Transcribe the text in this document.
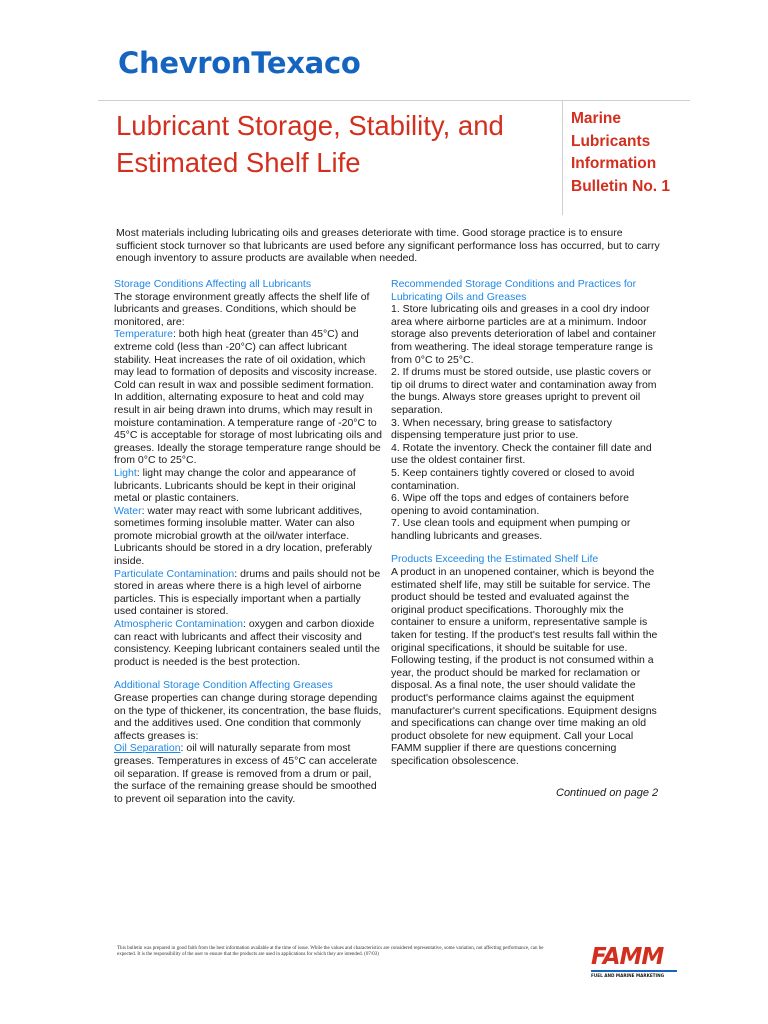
ChevronTexaco
Lubricant Storage, Stability, and
Estimated Shelf Life
Marine
Lubricants
Information
Bulletin No. 1

Most materials including lubricating oils and greases deteriorate with time. Good storage practice is to ensure sufficient stock turnover so that lubricants are used before any significant performance loss has occurred, but to carry enough inventory to assure products are available when needed.

Storage Conditions Affecting all Lubricants

The storage environment greatly affects the shelf life of lubricants and greases. Conditions, which should be monitored, are:

Temperature: both high heat (greater than 45°C) and extreme cold (less than -20°C) can affect lubricant stability. Heat increases the rate of oil oxidation, which may lead to formation of deposits and viscosity increase. Cold can result in wax and possible sediment formation. In addition, alternating exposure to heat and cold may result in air being drawn into drums, which may result in moisture contamination. A temperature range of -20°C to 45°C is acceptable for storage of most lubricating oils and greases. Ideally the storage temperature range should be from 0°C to 25°C.

Light: light may change the color and appearance of lubricants. Lubricants should be kept in their original metal or plastic containers.

Water: water may react with some lubricant additives, sometimes forming insoluble matter. Water can also promote microbial growth at the oil/water interface. Lubricants should be stored in a dry location, preferably inside.

Particulate Contamination: drums and pails should not be stored in areas where there is a high level of airborne particles. This is especially important when a partially used container is stored.

Atmospheric Contamination: oxygen and carbon dioxide can react with lubricants and affect their viscosity and consistency. Keeping lubricant containers sealed until the product is needed is the best protection.

Additional Storage Condition Affecting Greases

Grease properties can change during storage depending on the type of thickener, its concentration, the base fluids, and the additives used. One condition that commonly affects greases is:

Oil Separation: oil will naturally separate from most greases. Temperatures in excess of 45°C can accelerate oil separation. If grease is removed from a drum or pail, the surface of the remaining grease should be smoothed to prevent oil separation into the cavity.

Recommended Storage Conditions and Practices for Lubricating Oils and Greases

1. Store lubricating oils and greases in a cool dry indoor area where airborne particles are at a minimum. Indoor storage also prevents deterioration of label and container from weathering. The ideal storage temperature range is from 0°C to 25°C.

2. If drums must be stored outside, use plastic covers or tip oil drums to direct water and contamination away from the bungs. Always store greases upright to prevent oil separation.

3. When necessary, bring grease to satisfactory dispensing temperature just prior to use.

4. Rotate the inventory. Check the container fill date and use the oldest container first.

5. Keep containers tightly covered or closed to avoid contamination.

6. Wipe off the tops and edges of containers before opening to avoid contamination.

7. Use clean tools and equipment when pumping or handling lubricants and greases.

Products Exceeding the Estimated Shelf Life

A product in an unopened container, which is beyond the estimated shelf life, may still be suitable for service. The product should be tested and evaluated against the original product specifications. Thoroughly mix the container to ensure a uniform, representative sample is taken for testing. If the product's test results fall within the original specifications, it should be suitable for use. Following testing, if the product is not consumed within a year, the product should be marked for reclamation or disposal. As a final note, the user should validate the product's performance claims against the equipment manufacturer's current specifications. Equipment designs and specifications can change over time making an old product obsolete for new equipment. Call your Local FAMM supplier if there are questions concerning specification obsolescence.

Continued on page 2
This bulletin was prepared in good faith from the best information available at the time of issue. While the values and characteristics are considered representative, some variation, not affecting performance, can be expected. It is the responsibility of the user to ensure that the products are used in applications for which they are intended. (07/03)	FAMM
FUEL AND MARINE MARKETING
